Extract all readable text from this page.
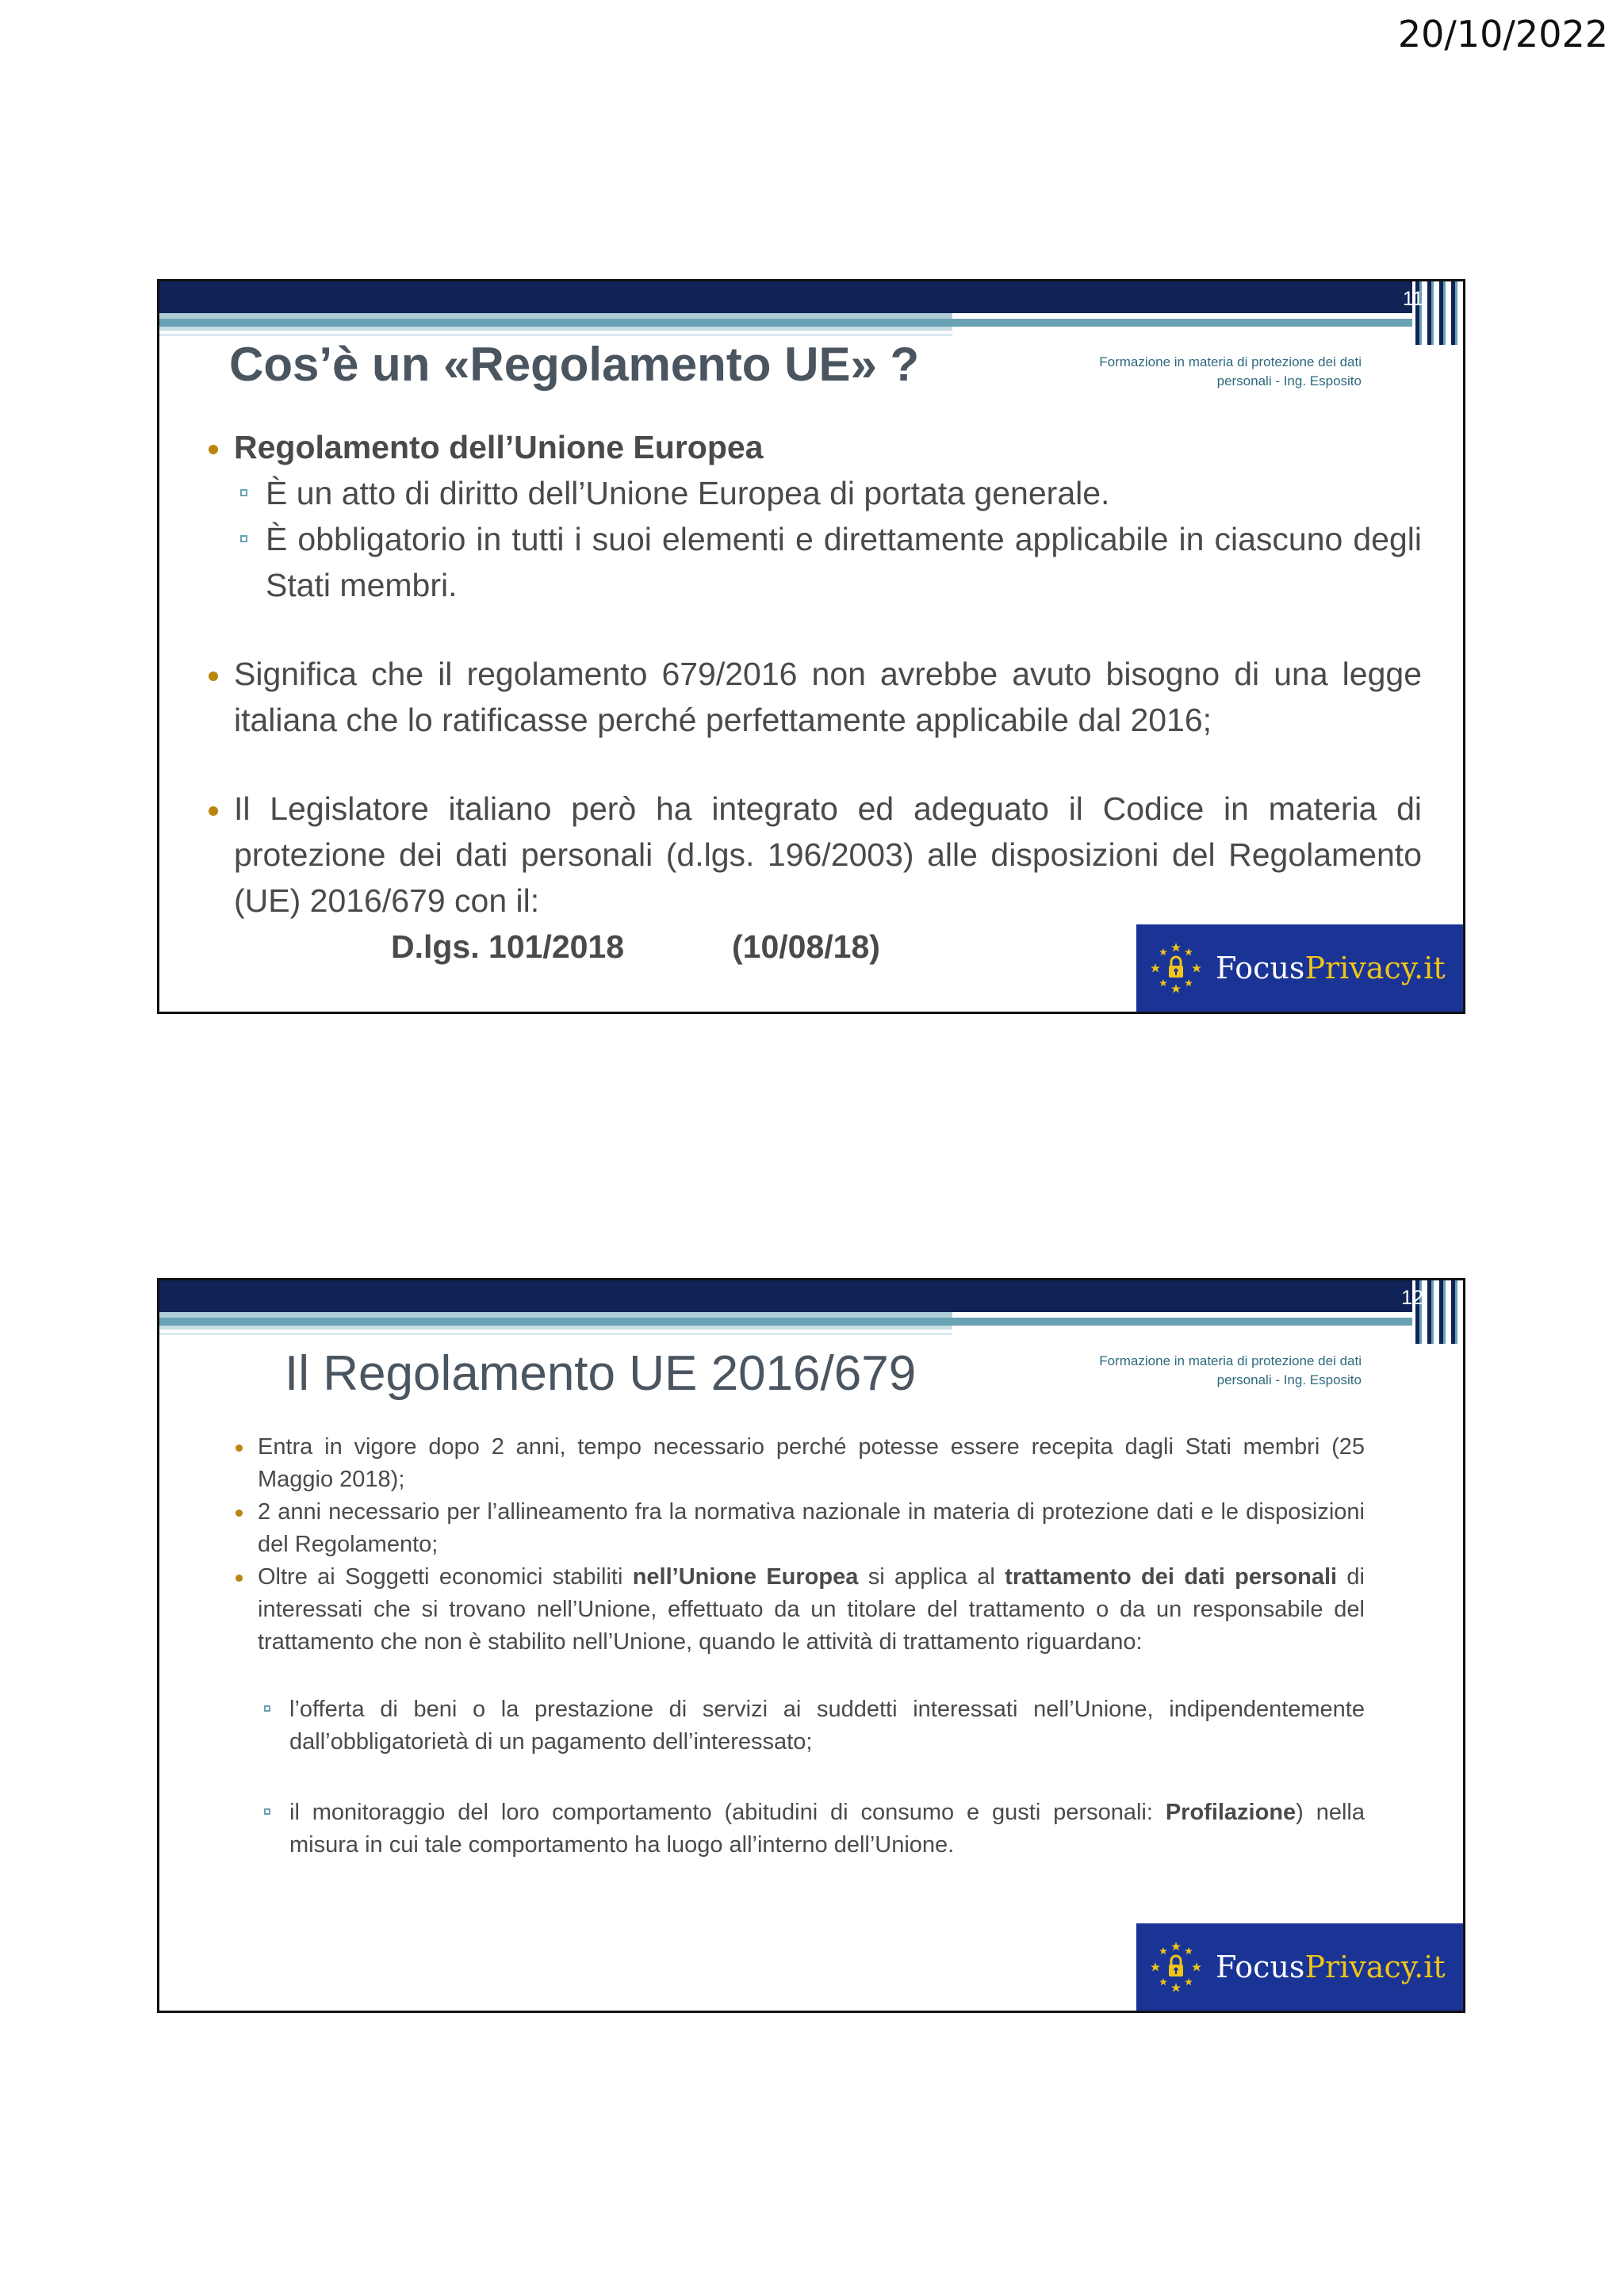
20/10/2022
11
Formazione in materia di protezione dei dati
personali - Ing. Esposito
Cos’è un «Regolamento UE» ?
Regolamento dell’Unione Europea
È un atto di diritto dell’Unione Europea di portata generale.
È obbligatorio in tutti i suoi elementi e direttamente applicabile in ciascuno degli Stati membri.
Significa che il regolamento 679/2016 non avrebbe avuto bisogno di una legge italiana che lo ratificasse perché perfettamente applicabile dal 2016;
Il Legislatore italiano però ha integrato ed adeguato il Codice in materia di protezione dei dati personali (d.lgs. 196/2003) alle disposizioni del Regolamento (UE) 2016/679 con il:
D.lgs. 101/2018	(10/08/18)
FocusPrivacy.it
12
Formazione in materia di protezione dei dati
personali - Ing. Esposito
Il Regolamento UE 2016/679
Entra in vigore dopo 2 anni, tempo necessario perché potesse essere recepita dagli Stati membri (25 Maggio 2018);
2 anni necessario per l’allineamento fra la normativa nazionale in materia di protezione dati e le disposizioni del Regolamento;
Oltre ai Soggetti economici stabiliti nell’Unione Europea si applica al trattamento dei dati personali di interessati che si trovano nell’Unione, effettuato da un titolare del trattamento o da un responsabile del trattamento che non è stabilito nell’Unione, quando le attività di trattamento riguardano:
l’offerta di beni o la prestazione di servizi ai suddetti interessati nell’Unione, indipendentemente dall’obbligatorietà di un pagamento dell’interessato;
il monitoraggio del loro comportamento (abitudini di consumo e gusti personali: Profilazione) nella misura in cui tale comportamento ha luogo all’interno dell’Unione.
FocusPrivacy.it
